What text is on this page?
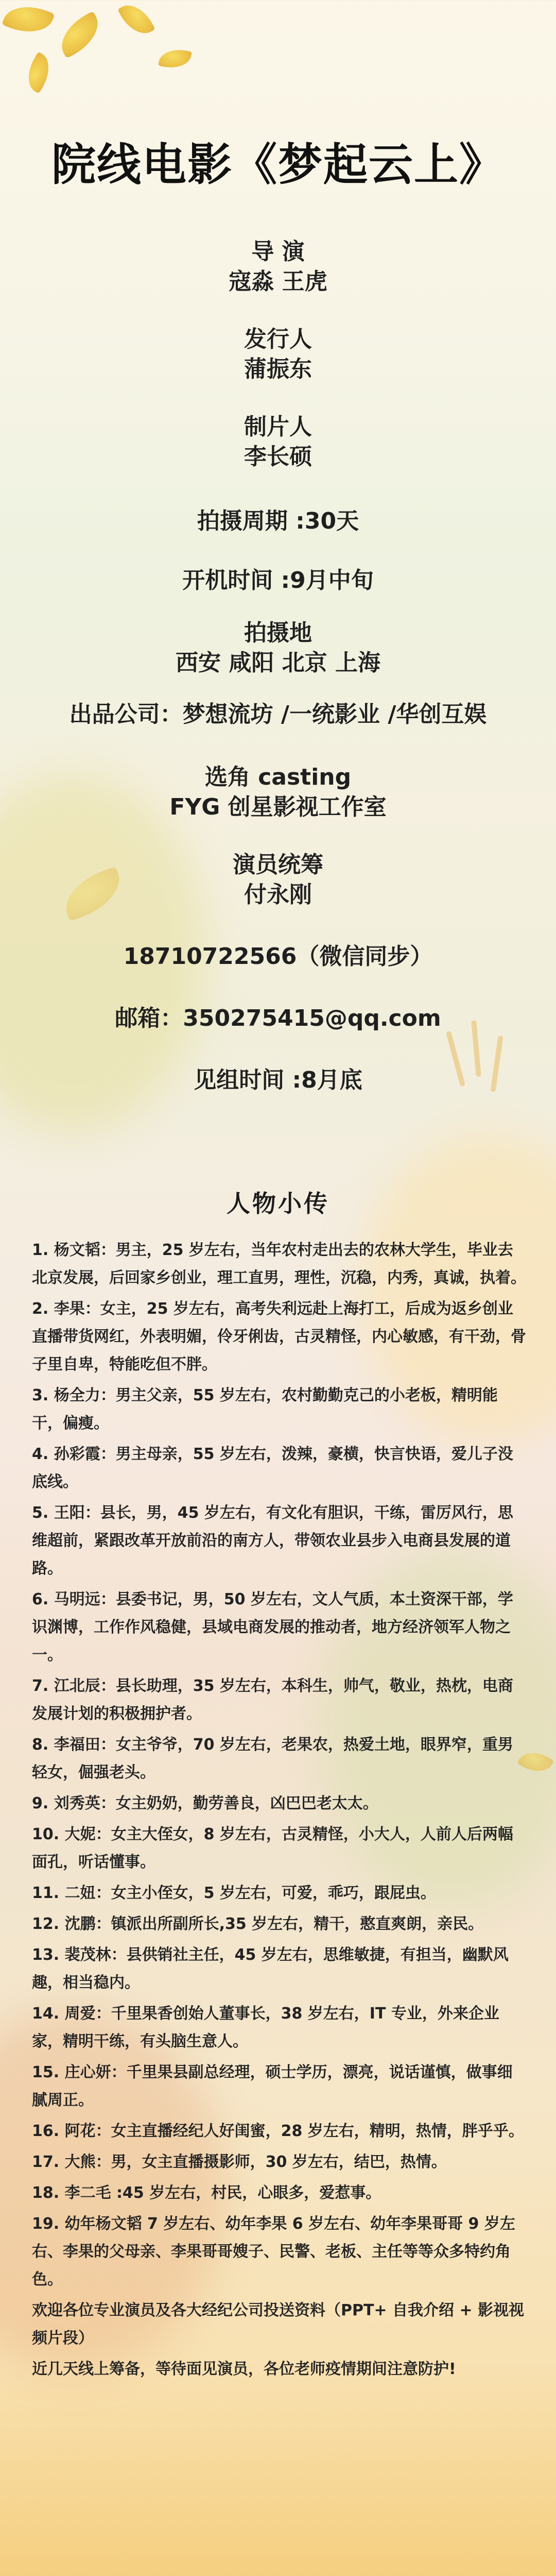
院线电影《梦起云上》
导 演
寇淼 王虎
发行人
蒲振东
制片人
李长硕
拍摄周期 :30天
开机时间 :9月中旬
拍摄地
西安 咸阳 北京 上海
出品公司：梦想流坊 /一统影业 /华创互娱
选角 casting
FYG 创星影视工作室
演员统筹
付永刚
18710722566（微信同步）
邮箱：350275415@qq.com
见组时间 :8月底
人物小传
1. 杨文韬：男主，25 岁左右，当年农村走出去的农林大学生，毕业去北京发展，后回家乡创业，理工直男，理性，沉稳，内秀，真诚，执着。
2. 李果：女主，25 岁左右，高考失利远赴上海打工，后成为返乡创业直播带货网红，外表明媚，伶牙俐齿，古灵精怪，内心敏感，有干劲，骨子里自卑，特能吃但不胖。
3. 杨全力：男主父亲，55 岁左右，农村勤勤克己的小老板，精明能干，偏瘦。
4. 孙彩霞：男主母亲，55 岁左右，泼辣，豪横，快言快语，爱儿子没底线。
5. 王阳：县长，男，45 岁左右，有文化有胆识，干练，雷厉风行，思维超前，紧跟改革开放前沿的南方人，带领农业县步入电商县发展的道路。
6. 马明远：县委书记，男，50 岁左右，文人气质，本土资深干部，学识渊博，工作作风稳健，县域电商发展的推动者，地方经济领军人物之一。
7. 江北辰：县长助理，35 岁左右，本科生，帅气，敬业，热枕，电商发展计划的积极拥护者。
8. 李福田：女主爷爷，70 岁左右，老果农，热爱土地，眼界窄，重男轻女，倔强老头。
9. 刘秀英：女主奶奶，勤劳善良，凶巴巴老太太。
10. 大妮：女主大侄女，8 岁左右，古灵精怪，小大人，人前人后两幅面孔，听话懂事。
11. 二妞：女主小侄女，5 岁左右，可爱，乖巧，跟屁虫。
12. 沈鹏：镇派出所副所长,35 岁左右，精干，憨直爽朗，亲民。
13. 裴茂林：县供销社主任，45 岁左右，思维敏捷，有担当，幽默风趣，相当稳内。
14. 周爱：千里果香创始人董事长，38 岁左右，IT 专业，外来企业家，精明干练，有头脑生意人。
15. 庄心妍：千里果县副总经理，硕士学历，漂亮，说话谨慎，做事细腻周正。
16. 阿花：女主直播经纪人好闺蜜，28 岁左右，精明，热情，胖乎乎。
17. 大熊：男，女主直播摄影师，30 岁左右，结巴，热情。
18. 李二毛 :45 岁左右，村民，心眼多，爱惹事。
19. 幼年杨文韬 7 岁左右、幼年李果 6 岁左右、幼年李果哥哥 9 岁左右、李果的父母亲、李果哥哥嫂子、民警、老板、主任等等众多特约角色。
欢迎各位专业演员及各大经纪公司投送资料（PPT+ 自我介绍 + 影视视频片段）
近几天线上筹备，等待面见演员，各位老师疫情期间注意防护!
